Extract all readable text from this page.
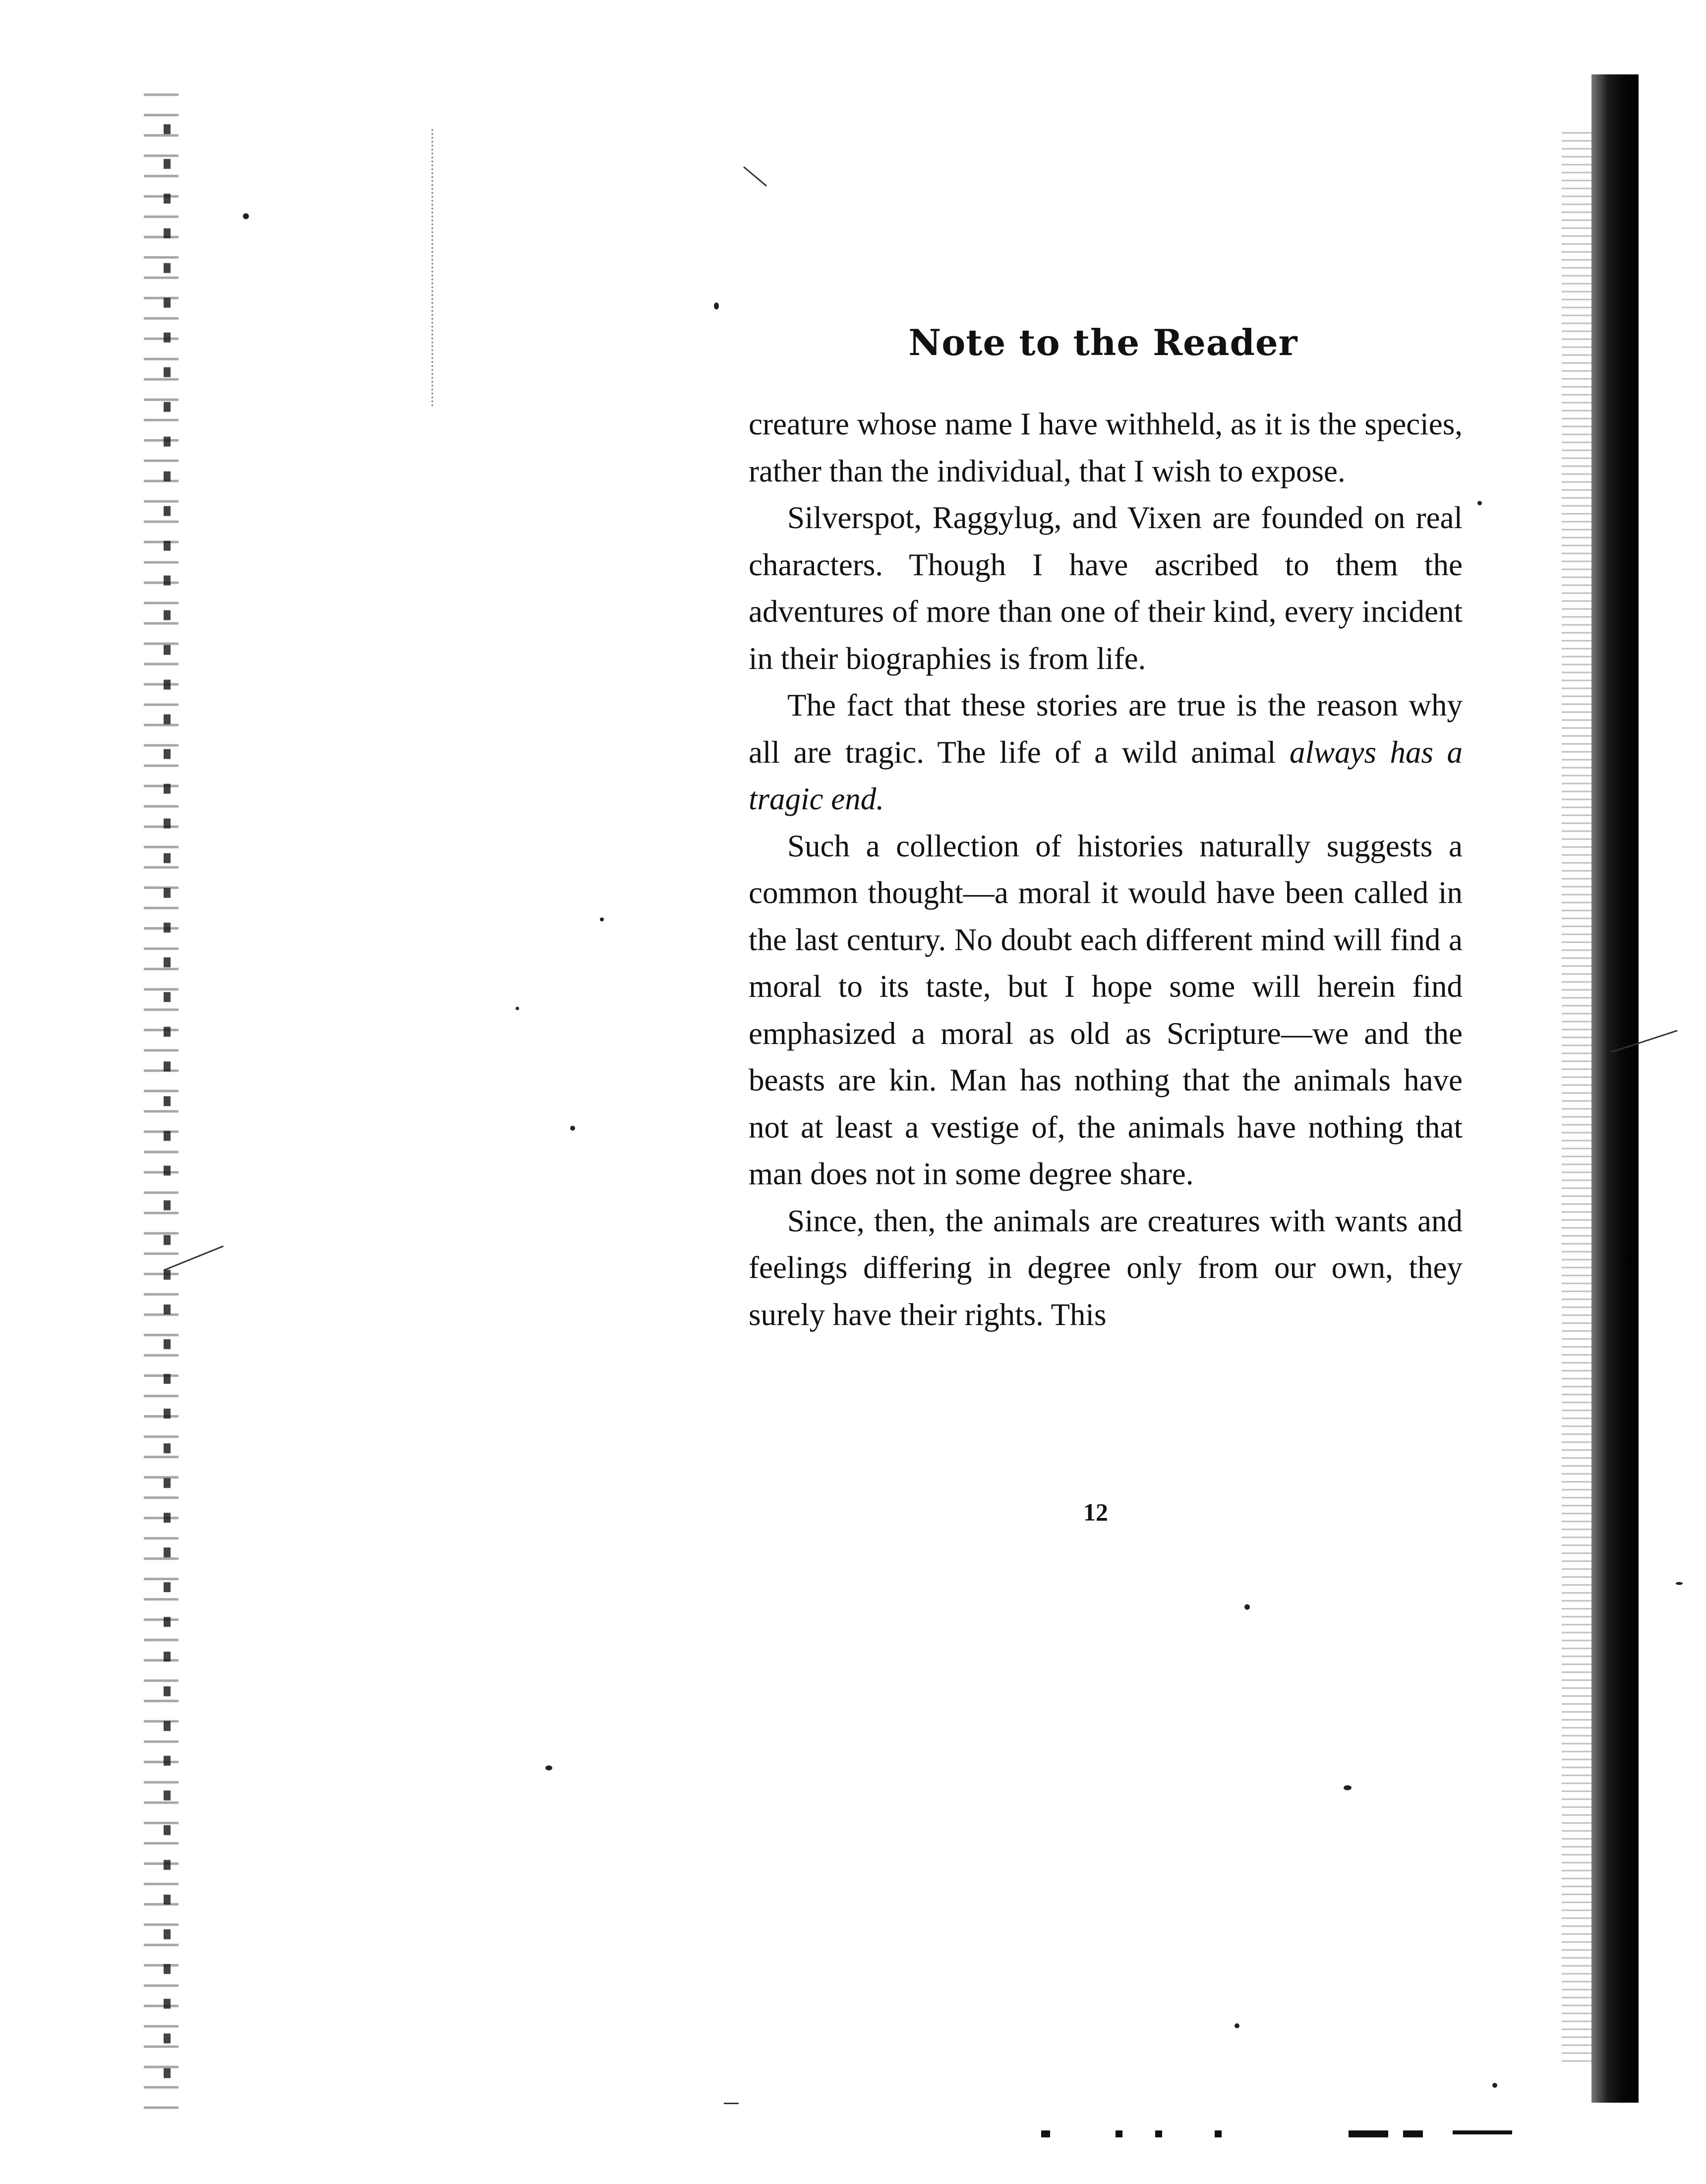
Note to the Reader

creature whose name I have withheld, as it is the species, rather than the individual, that I wish to expose.

Silverspot, Raggylug, and Vixen are founded on real characters. Though I have ascribed to them the adventures of more than one of their kind, every incident in their biographies is from life.

The fact that these stories are true is the reason why all are tragic. The life of a wild animal always has a tragic end.

Such a collection of histories naturally suggests a common thought—a moral it would have been called in the last century. No doubt each different mind will find a moral to its taste, but I hope some will herein find emphasized a moral as old as Scripture—we and the beasts are kin. Man has nothing that the animals have not at least a vestige of, the animals have nothing that man does not in some degree share.

Since, then, the animals are creatures with wants and feelings differing in degree only from our own, they surely have their rights. This

12
